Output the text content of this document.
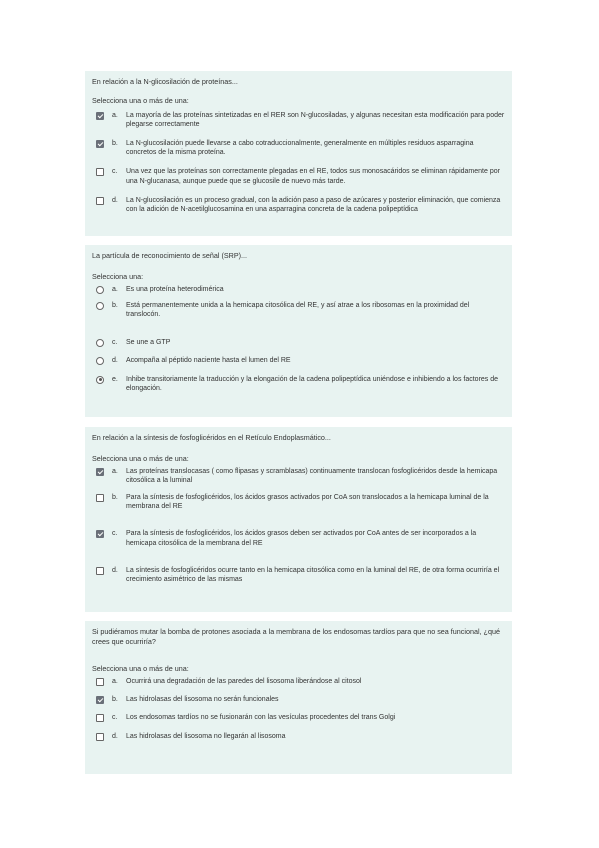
En relación a la N-glicosilación de proteínas...
Selecciona una o más de una:
a. La mayoría de las proteínas sintetizadas en el RER son N-glucosiladas, y algunas necesitan esta modificación para poder plegarse correctamente
b. La N-glucosilación puede llevarse a cabo cotraduccionalmente, generalmente en múltiples residuos asparragina concretos de la misma proteína.
c. Una vez que las proteínas son correctamente plegadas en el RE, todos sus monosacáridos se eliminan rápidamente por una N-glucanasa, aunque puede que se glucosile de nuevo más tarde.
d. La N-glucosilación es un proceso gradual, con la adición paso a paso de azúcares y posterior eliminación, que comienza con la adición de N-acetilglucosamina en una asparragina concreta de la cadena polipeptídica
La partícula de reconocimiento de señal (SRP)...
Selecciona una:
a. Es una proteína heterodimérica
b. Está permanentemente unida a la hemicapa citosólica del RE, y así atrae a los ribosomas en la proximidad del translocón.
c. Se une a GTP
d. Acompaña al péptido naciente hasta el lumen del RE
e. Inhibe transitoriamente la traducción y la elongación de la cadena polipeptídica uniéndose e inhibiendo a los factores de elongación.
En relación a la síntesis de fosfoglicéridos en el Retículo Endoplasmático...
Selecciona una o más de una:
a. Las proteínas translocasas ( como flipasas y scramblasas) continuamente translocan fosfoglicéridos desde la hemicapa citosólica a la luminal
b. Para la síntesis de fosfoglicéridos, los ácidos grasos activados por CoA son translocados a la hemicapa luminal de la membrana del RE
c. Para la síntesis de fosfoglicéridos, los ácidos grasos deben ser activados por CoA antes de ser incorporados a la hemicapa citosólica de la membrana del RE
d. La síntesis de fosfoglicéridos ocurre tanto en la hemicapa citosólica como en la luminal del RE, de otra forma ocurriría el crecimiento asimétrico de las mismas
Si pudiéramos mutar la bomba de protones asociada a la membrana de los endosomas tardíos para que no sea funcional, ¿qué crees que ocurriría?
Selecciona una o más de una:
a. Ocurrirá una degradación de las paredes del lisosoma liberándose al citosol
b. Las hidrolasas del lisosoma no serán funcionales
c. Los endosomas tardíos no se fusionarán con las vesículas procedentes del trans Golgi
d. Las hidrolasas del lisosoma no llegarán al lisosoma
